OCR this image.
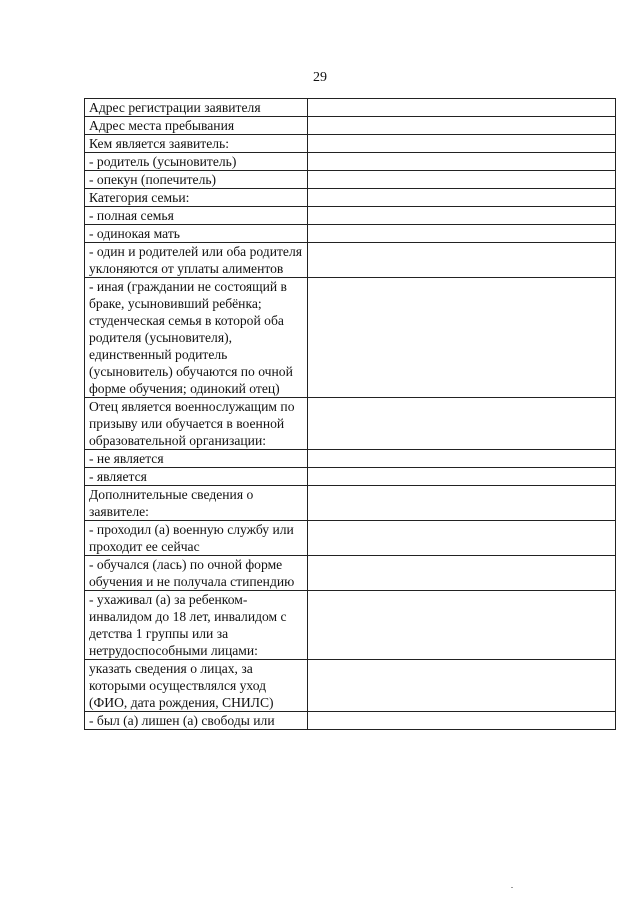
29
Адрес регистрации заявителя	
Адрес места пребывания	
Кем является заявитель:	
- родитель (усыновитель)	
- опекун (попечитель)	
Категория семьи:	
- полная семья	
- одинокая мать	
- один и родителей или оба родителя уклоняются от уплаты алиментов	
- иная (граждании не состоящий в браке, усыновивший ребёнка; студенческая семья в которой оба родителя (усыновителя), единственный родитель (усыновитель) обучаются по очной форме обучения; одинокий отец)	
Отец является военнослужащим по призыву или обучается в военной образовательной организации:	
- не является	
- является	
Дополнительные сведения о заявителе:	
- проходил (а) военную службу или проходит ее сейчас	
- обучался (лась) по очной форме обучения и не получала стипендию	
- ухаживал (а) за ребенком-инвалидом до 18 лет, инвалидом с детства 1 группы или за нетрудоспособными лицами:	
указать сведения о лицах, за которыми осуществлялся уход (ФИО, дата рождения, СНИЛС)	
- был (а) лишен (а) свободы или	
